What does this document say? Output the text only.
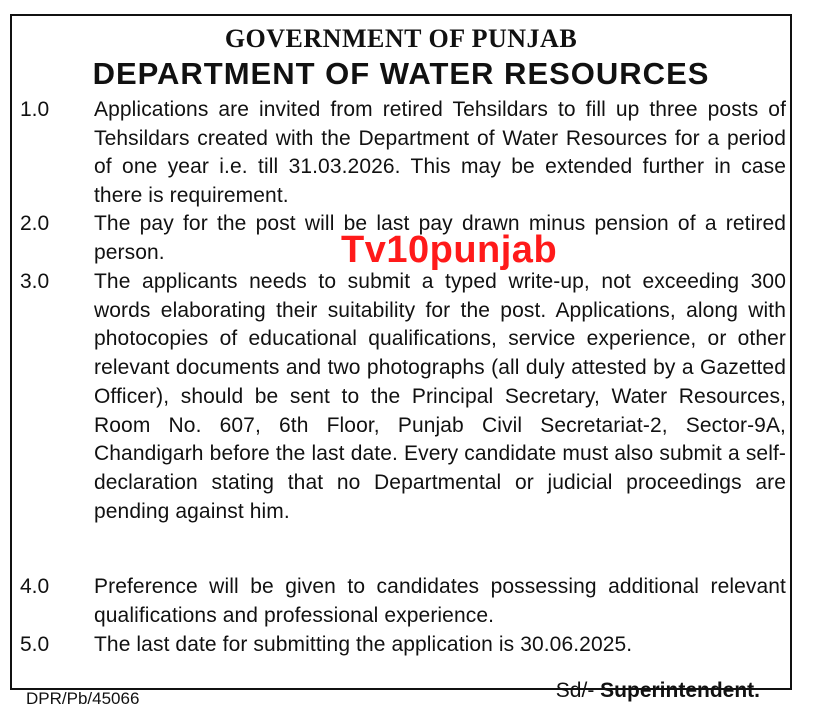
GOVERNMENT OF PUNJAB
DEPARTMENT OF WATER RESOURCES
1.0	Applications are invited from retired Tehsildars to fill up three posts of Tehsildars created with the Department of Water Resources for a period of one year i.e. till 31.03.2026. This may be extended further in case there is requirement.
2.0	The pay for the post will be last pay drawn minus pension of a retired person.
3.0	The applicants needs to submit a typed write-up, not exceeding 300 words elaborating their suitability for the post. Applications, along with photocopies of educational qualifications, service experience, or other relevant documents and two photographs (all duly attested by a Gazetted Officer), should be sent to the Principal Secretary, Water Resources, Room No. 607, 6th Floor, Punjab Civil Secretariat-2, Sector-9A, Chandigarh before the last date. Every candidate must also submit a self-declaration stating that no Departmental or judicial proceedings are pending against him.
4.0	Preference will be given to candidates possessing additional relevant qualifications and professional experience.
5.0	The last date for submitting the application is 30.06.2025.
DPR/Pb/45066	Sd/- Superintendent.
Tv10punjab
